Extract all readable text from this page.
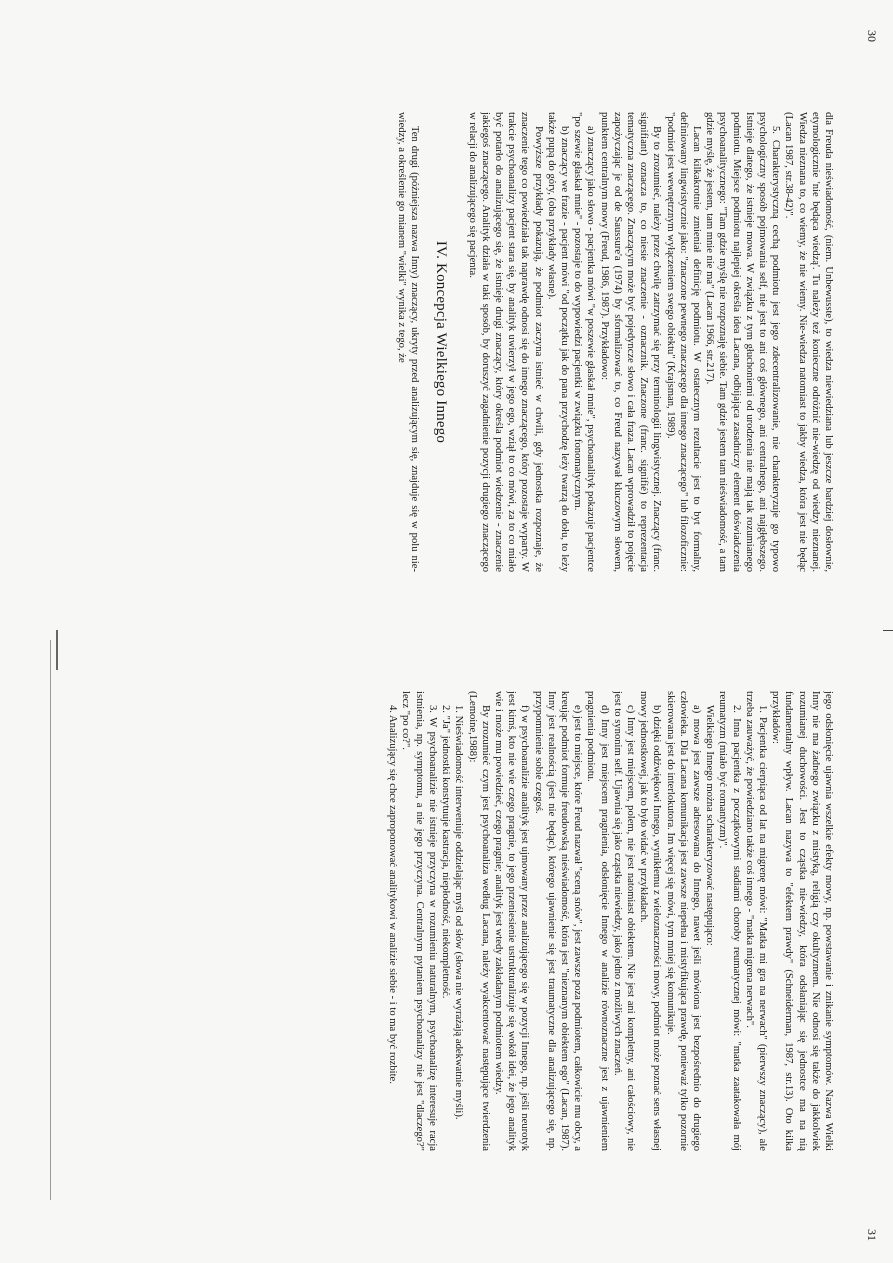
30

dla Freuda nieświadomość, (niem. Unbewusste), to wiedza niewiedziana lub jeszcze bardziej dosłownie, etymologicznie 'nie będąca wiedzą'. Tu należy też konieczne odróżnić nie-wiedzę od wiedzy nieznanej. Wiedza nieznana to, co wiemy, że nie wiemy. Nie-wiedza natomiast to jakby wiedza, która jest nie będąc (Lacan 1987, str.38-42)".

5. Charakterystyczną cechą podmiotu jest jego zdecentralizowanie, nie charakteryzuje go typowo psychologiczny sposób pojmowania self, nie jest to ani coś głównego, ani centralnego, ani najgłębszego. Istnieje dlatego, że istnieje mowa. W związku z tym głuchoniemi od urodzenia nie mają tak rozumianego podmiotu. Miejsce podmiotu najlepiej określa idea Lacana, odbijająca zasadniczy element doświadczenia psychoanalitycznego: "Tam gdzie myślę nie rozpoznaję siebie. Tam gdzie jestem tam nieświadomość, a tam gdzie myślę, że jestem, tam mnie nie ma" (Lacan 1966, str.217).

Lacan kilkakrotnie zmieniał definicję podmiotu. W ostatecznym rezultacie jest to byt formalny, definiowany lingwistycznie jako: "znaczone pewnego znaczącego dla innego znaczącego" lub filozoficznie: "podmiot jest wewnętrznym wyłączeniem swego obiektu" (Krajsman, 1989).

By to zrozumieć, należy przez chwilę zatrzymać się przy terminologii lingwistycznej. Znaczący (franc. signifiant) oznacza to, co niesie znaczenie - oznacznik. Znaczone (franc. signifié) to reprezentacja tematyczna znaczącego. Znaczącym może być pojedyncze słowo i cała fraza. Lacan wprowadził to pojęcie zapożyczając je od de Saussure'a (1974) by sformalizować to, co Freud nazywał kluczowym słowem, punktem centralnym mowy (Freud, 1986, 1987). Przykładowo:

a) znaczący jako słowo - pacjentka mówi "w poszewie głaskał mnie", psychoanalityk pokazuje pacjentce "po szewie głaskał mnie" - pozostaje to do wypowiedzi pacjentki w związku fonomatycznym.

b) znaczący we frazie - pacjent mówi "od początku jak do pana przychodzę leży twarzą do dołu, to leży także pupą do góry, (oba przykłady własne).

Powyższe przykłady pokazują, że podmiot zaczyna istnieć w chwili, gdy jednostka rozpoznaje, że znaczenie tego co powiedziała tak naprawdę odnosi się do innego znaczącego, który pozostaje wyparty. W trakcie psychoanalizy pacjent stara się, by analityk uwierzył w jego ego, wziął to co mówi, za to co miało być potarło do analizującego się, że istnieje drugi znaczący, który określa podmiot wiedzenie - znaczenie jakiegoś znaczącego. Analityk działa w taki sposób, by doruszyć zagadnienie pozycji drugiego znaczącego w relacji do analizującego się pacjenta.

IV. Koncepcja Wielkiego Innego

Ten drugi (późniejsza nazwa Inny) znaczący, ukryty przed analizującym się, znajduje się w polu nie-wiedzy, a określenie go mianem "wielki" wynika z tego, że

31

jego odsłonięcie ujawnia wszelkie efekty mowy, np. powstawanie i znikanie symptomów. Nazwa Wielki Inny nie ma żadnego związku z mistyką, religią czy okultyzmem. Nie odnosi się także do jakkolwiek rozumianej duchowości. Jest to cząstka nie-wiedzy, która odsłaniając się jednostce ma na nią fundamentalny wpływ. Lacan nazywa to "efektem prawdy" (Schneiderman, 1987, str.13). Oto kilka przykładów:

1. Pacjentka cierpiąca od lat na migrenę mówi: "Matka mi gra na nerwach" (pierwszy znaczący), ale trzeba zauważyć, że powiedziano także coś innego - "matka migrena nerwach".

2. Inna pacjentka z początkowymi stadiami choroby reumatycznej mówi: "matka zaatakowała mój reumatyzm (miało być romantyzm)".

Wielkiego Innego można scharakteryzować następująco:

a) mowa jest zawsze adresowana do Innego, nawet jeśli mówiona jest bezpośrednio do drugiego człowieka. Dla Lacana komunikacja jest zawsze niepełna i mistyfikująca prawdę, ponieważ tylko pozornie skierowana jest do interlokutora. Im więcej się mówi, tym mniej się komunikuje.

b) dzięki oddźwiękowi Innego, wynikłemu z wieloznaczności mowy, podmiot może poznać sens własnej mowy jednostkowej, jak to było widać w przykładach.

c) Inny jest miejscem, polem, nie jest natomiast obiektem. Nie jest ani kompletny, ani całościowy, nie jest to synonim self. Ujawnia się jako cząstka niewiedzy, jako jedno z możliwych znaczeń.

d) Inny jest miejscem pragnienia, odsłonięcie Innego w analizie równoznaczne jest z ujawnieniem pragnienia podmiotu.

e) jest to miejsce, które Freud nazwał "sceną snów", jest zawsze poza podmiotem, całkowicie mu obcy, a kreując podmiot formuje freudowską nieświadomość, która jest "nieznanym obiektem ego" (Lacan, 1987). Inny jest realnością (jest nie będąc), którego ujawnienie się jest traumatyczne dla analizującego się, np. przypomnienie sobie czegoś.

f) w psychoanalizie analityk jest ujmowany przez analizującego się w pozycji Innego, np. jeśli neurotyk jest kimś, kto nie wie czego pragnie, to jego przeniesienie ustrukturalizuje się wokół idei, że jego analityk wie i może mu powiedzieć, czego pragnie; analityk jest wtedy zakładanym podmiotem wiedzy.

By zrozumieć czym jest psychoanaliza według Lacana, należy wyakcentować następujące twierdzenia (Lemoine,1988):

1. Nieświadomość interweniuje oddzielając myśl od słów (słowa nie wyrażają adekwatnie myśli).

2. "Ja" jednostki konstytuuje kastracja, niepłodność, niekompletność.

3. W psychoanalizie nie istnieje przyczyna w rozumieniu naturalnym, psychoanalizę interesuje racja istnienia, np. symptomu, a nie jego przyczyna. Centralnym pytaniem psychoanalizy nie jest "dlaczego?" lecz "po co?".

4. Analizujący się chce zaproponować analitykowi w analizie siebie - i to ma być rozbite.
